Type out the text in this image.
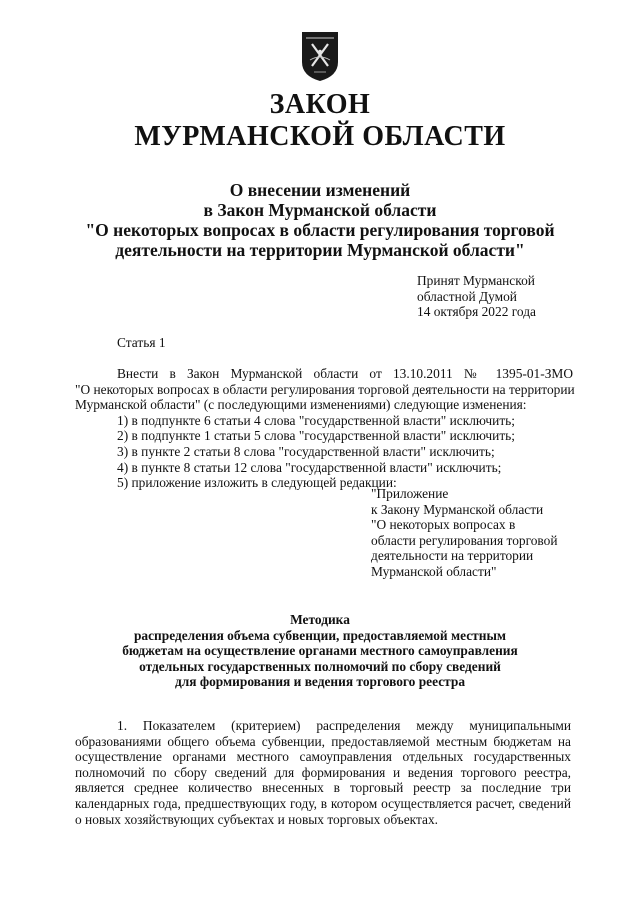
ЗАКОН
МУРМАНСКОЙ ОБЛАСТИ
О внесении изменений
в Закон Мурманской области
"О некоторых вопросах в области регулирования торговой
деятельности на территории Мурманской области"
Принят Мурманской
областной Думой
14 октября 2022 года
Статья 1
Внести в Закон Мурманской области от 13.10.2011 № 1395-01-ЗМО
"О некоторых вопросах в области регулирования торговой деятельности на территории
Мурманской области" (с последующими изменениями) следующие изменения:
1) в подпункте 6 статьи 4 слова "государственной власти" исключить;
2) в подпункте 1 статьи 5 слова "государственной власти" исключить;
3) в пункте 2 статьи 8 слова "государственной власти" исключить;
4) в пункте 8 статьи 12 слова "государственной власти" исключить;
5) приложение изложить в следующей редакции:
"Приложение
к Закону Мурманской области
"О некоторых вопросах в
области регулирования торговой
деятельности на территории
Мурманской области"
Методика
распределения объема субвенции, предоставляемой местным
бюджетам на осуществление органами местного самоуправления
отдельных государственных полномочий по сбору сведений
для формирования и ведения торгового реестра
1. Показателем (критерием) распределения между муниципальными
образованиями общего объема субвенции, предоставляемой местным бюджетам на
осуществление органами местного самоуправления отдельных государственных
полномочий по сбору сведений для формирования и ведения торгового реестра,
является среднее количество внесенных в торговый реестр за последние три
календарных года, предшествующих году, в котором осуществляется расчет, сведений
о новых хозяйствующих субъектах и новых торговых объектах.
